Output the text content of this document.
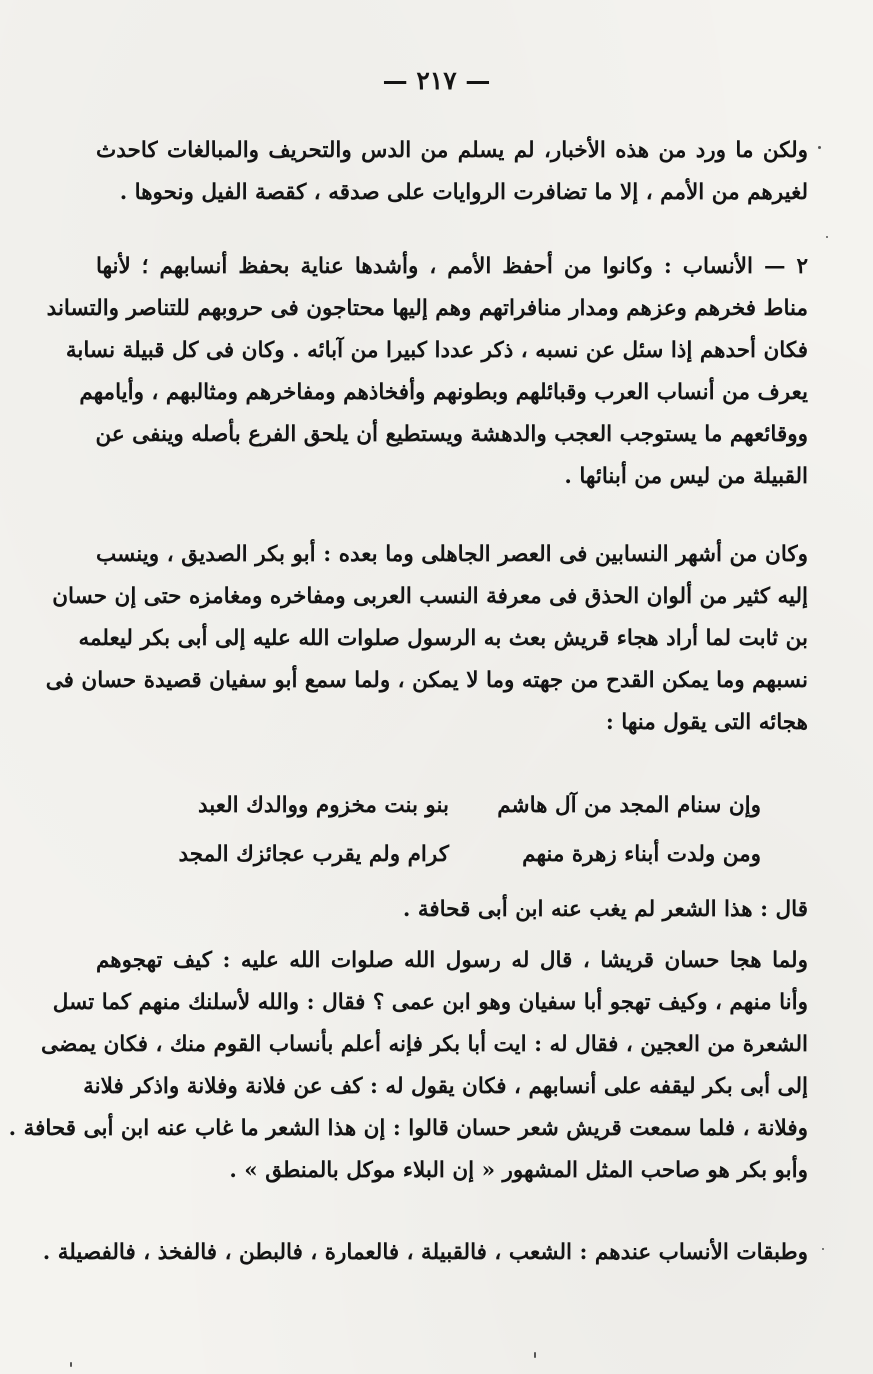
— ٢١٧ —
ولكن ما ورد من هذه الأخبار، لم يسلم من الدس والتحريف والمبالغات كاحدث
لغيرهم من الأمم ، إلا ما تضافرت الروايات على صدقه ، كقصة الفيل ونحوها .
٢ — الأنساب : وكانوا من أحفظ الأمم ، وأشدها عناية بحفظ أنسابهم ؛ لأنها
مناط فخرهم وعزهم ومدار منافراتهم وهم إليها محتاجون فى حروبهم للتناصر والتساند
فكان أحدهم إذا سئل عن نسبه ، ذكر عددا كبيرا من آبائه . وكان فى كل قبيلة نسابة
يعرف من أنساب العرب وقبائلهم وبطونهم وأفخاذهم ومفاخرهم ومثالبهم ، وأيامهم
ووقائعهم ما يستوجب العجب والدهشة ويستطيع أن يلحق الفرع بأصله وينفى عن
القبيلة من ليس من أبنائها .
وكان من أشهر النسابين فى العصر الجاهلى وما بعده : أبو بكر الصديق ، وينسب
إليه كثير من ألوان الحذق فى معرفة النسب العربى ومفاخره ومغامزه حتى إن حسان
بن ثابت لما أراد هجاء قريش بعث به الرسول صلوات الله عليه إلى أبى بكر ليعلمه
نسبهم وما يمكن القدح من جهته وما لا يمكن ، ولما سمع أبو سفيان قصيدة حسان فى
هجائه التى يقول منها :
وإن سنام المجد من آل هاشم
بنو بنت مخزوم ووالدك العبد
ومن ولدت أبناء زهرة منهم
كرام ولم يقرب عجائزك المجد
قال : هذا الشعر لم يغب عنه ابن أبى قحافة .
ولما هجا حسان قريشا ، قال له رسول الله صلوات الله عليه : كيف تهجوهم
وأنا منهم ، وكيف تهجو أبا سفيان وهو ابن عمى ؟ فقال : والله لأسلنك منهم كما تسل
الشعرة من العجين ، فقال له : ايت أبا بكر فإنه أعلم بأنساب القوم منك ، فكان يمضى
إلى أبى بكر ليقفه على أنسابهم ، فكان يقول له : كف عن فلانة وفلانة واذكر فلانة
وفلانة ، فلما سمعت قريش شعر حسان قالوا : إن هذا الشعر ما غاب عنه ابن أبى قحافة .
وأبو بكر هو صاحب المثل المشهور « إن البلاء موكل بالمنطق » .
وطبقات الأنساب عندهم : الشعب ، فالقبيلة ، فالعمارة ، فالبطن ، فالفخذ ، فالفصيلة .
